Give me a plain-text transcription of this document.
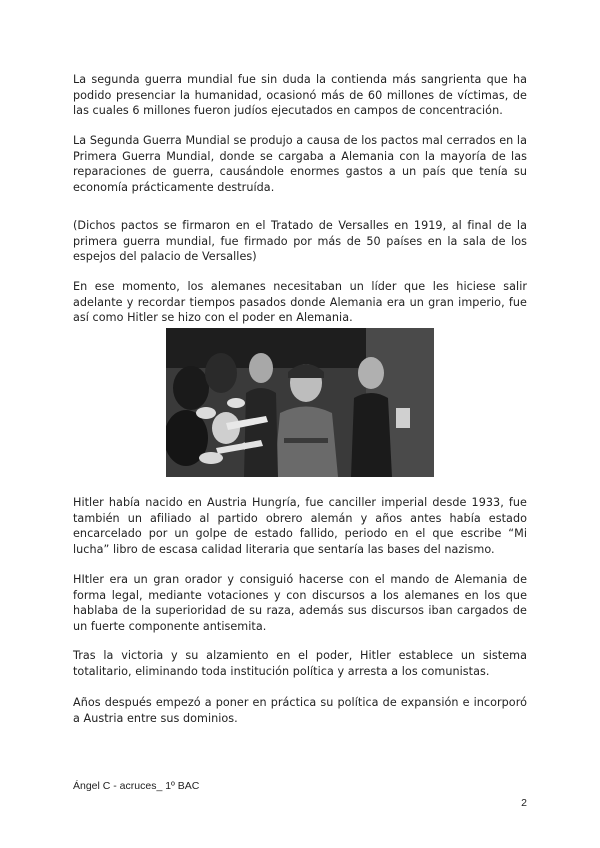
La segunda guerra mundial fue sin duda la contienda más sangrienta que ha podido presenciar la humanidad, ocasionó más de 60 millones de víctimas, de las cuales 6 millones fueron judíos ejecutados en campos de concentración.

La Segunda Guerra Mundial se produjo a causa de los pactos mal cerrados en la Primera Guerra Mundial, donde se cargaba a Alemania con la mayoría de las reparaciones de guerra, causándole enormes gastos a un país que tenía su economía prácticamente destruída.

(Dichos pactos se firmaron en el Tratado de Versalles en 1919, al final de la primera guerra mundial, fue firmado por más de 50 países en la sala de los espejos del palacio de Versalles)

En ese momento, los alemanes necesitaban un líder que les hiciese salir adelante y recordar tiempos pasados donde Alemania era un gran imperio, fue así como Hitler se hizo con el poder en Alemania.

Hitler había nacido en Austria Hungría, fue canciller imperial desde 1933, fue también un afiliado al partido obrero alemán y años antes había estado encarcelado por un golpe de estado fallido, periodo en el que escribe “Mi lucha” libro de escasa calidad literaria que sentaría las bases del nazismo.

HItler era un gran orador y consiguió hacerse con el mando de Alemania de forma legal, mediante votaciones y con discursos a los alemanes en los que hablaba de la superioridad de su raza, además sus discursos iban cargados de un fuerte componente antisemita.

Tras la victoria y su alzamiento en el poder, Hitler establece un sistema totalitario, eliminando toda institución política y arresta a los comunistas.

Años después empezó a poner en práctica su política de expansión e incorporó a Austria entre sus dominios.

Ángel C - acruces_ 1º BAC
2
